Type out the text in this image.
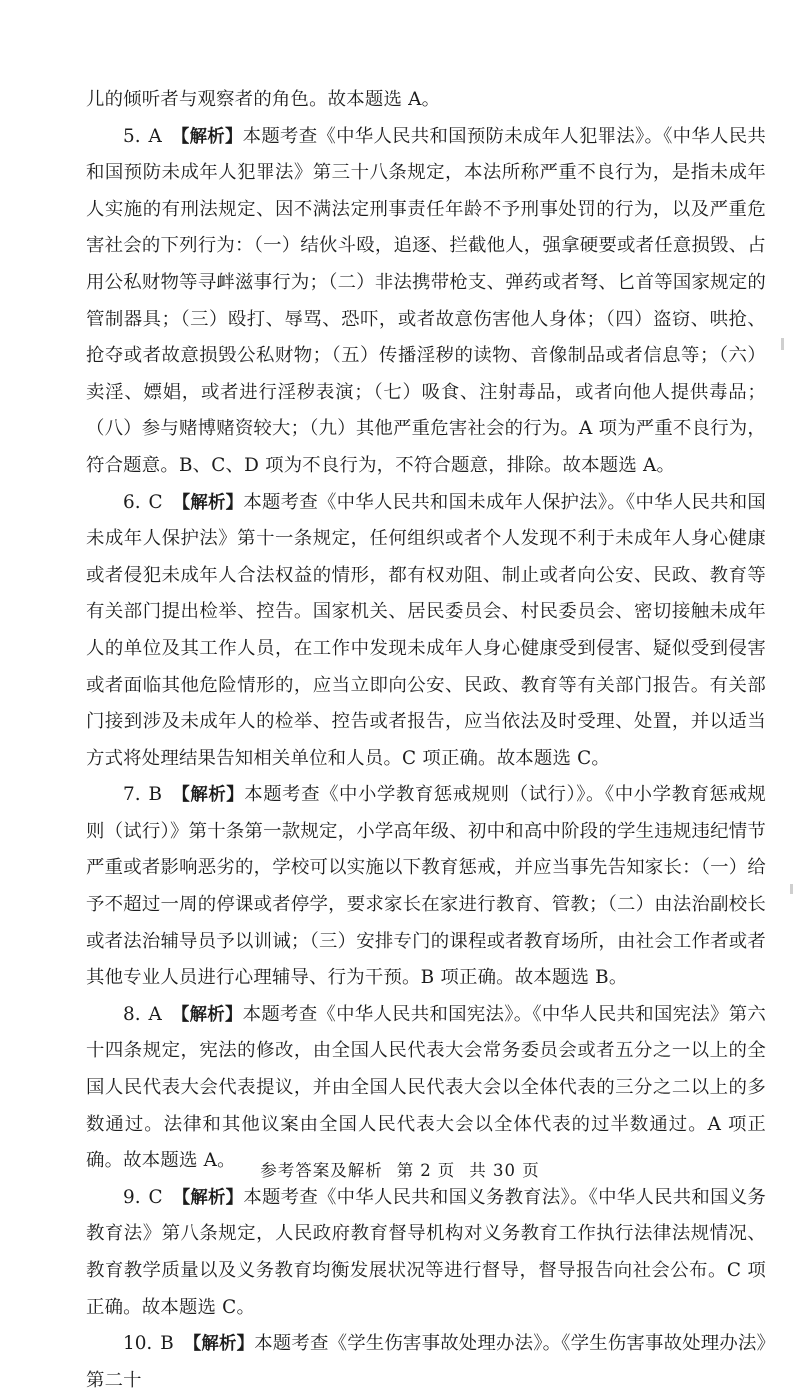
儿的倾听者与观察者的角色。故本题选 A。

5. A 【解析】本题考查《中华人民共和国预防未成年人犯罪法》。《中华人民共和国预防未成年人犯罪法》第三十八条规定，本法所称严重不良行为，是指未成年人实施的有刑法规定、因不满法定刑事责任年龄不予刑事处罚的行为，以及严重危害社会的下列行为：（一）结伙斗殴，追逐、拦截他人，强拿硬要或者任意损毁、占用公私财物等寻衅滋事行为；（二）非法携带枪支、弹药或者弩、匕首等国家规定的管制器具；（三）殴打、辱骂、恐吓，或者故意伤害他人身体；（四）盗窃、哄抢、抢夺或者故意损毁公私财物；（五）传播淫秽的读物、音像制品或者信息等；（六）卖淫、嫖娼，或者进行淫秽表演；（七）吸食、注射毒品，或者向他人提供毒品；（八）参与赌博赌资较大；（九）其他严重危害社会的行为。A 项为严重不良行为，符合题意。B、C、D 项为不良行为，不符合题意，排除。故本题选 A。

6. C 【解析】本题考查《中华人民共和国未成年人保护法》。《中华人民共和国未成年人保护法》第十一条规定，任何组织或者个人发现不利于未成年人身心健康或者侵犯未成年人合法权益的情形，都有权劝阻、制止或者向公安、民政、教育等有关部门提出检举、控告。国家机关、居民委员会、村民委员会、密切接触未成年人的单位及其工作人员，在工作中发现未成年人身心健康受到侵害、疑似受到侵害或者面临其他危险情形的，应当立即向公安、民政、教育等有关部门报告。有关部门接到涉及未成年人的检举、控告或者报告，应当依法及时受理、处置，并以适当方式将处理结果告知相关单位和人员。C 项正确。故本题选 C。

7. B 【解析】本题考查《中小学教育惩戒规则（试行）》。《中小学教育惩戒规则（试行）》第十条第一款规定，小学高年级、初中和高中阶段的学生违规违纪情节严重或者影响恶劣的，学校可以实施以下教育惩戒，并应当事先告知家长：（一）给予不超过一周的停课或者停学，要求家长在家进行教育、管教；（二）由法治副校长或者法治辅导员予以训诫；（三）安排专门的课程或者教育场所，由社会工作者或者其他专业人员进行心理辅导、行为干预。B 项正确。故本题选 B。

8. A 【解析】本题考查《中华人民共和国宪法》。《中华人民共和国宪法》第六十四条规定，宪法的修改，由全国人民代表大会常务委员会或者五分之一以上的全国人民代表大会代表提议，并由全国人民代表大会以全体代表的三分之二以上的多数通过。法律和其他议案由全国人民代表大会以全体代表的过半数通过。A 项正确。故本题选 A。

9. C 【解析】本题考查《中华人民共和国义务教育法》。《中华人民共和国义务教育法》第八条规定，人民政府教育督导机构对义务教育工作执行法律法规情况、教育教学质量以及义务教育均衡发展状况等进行督导，督导报告向社会公布。C 项正确。故本题选 C。

10. B 【解析】本题考查《学生伤害事故处理办法》。《学生伤害事故处理办法》第二十

参考答案及解析 第 2 页 共 30 页
